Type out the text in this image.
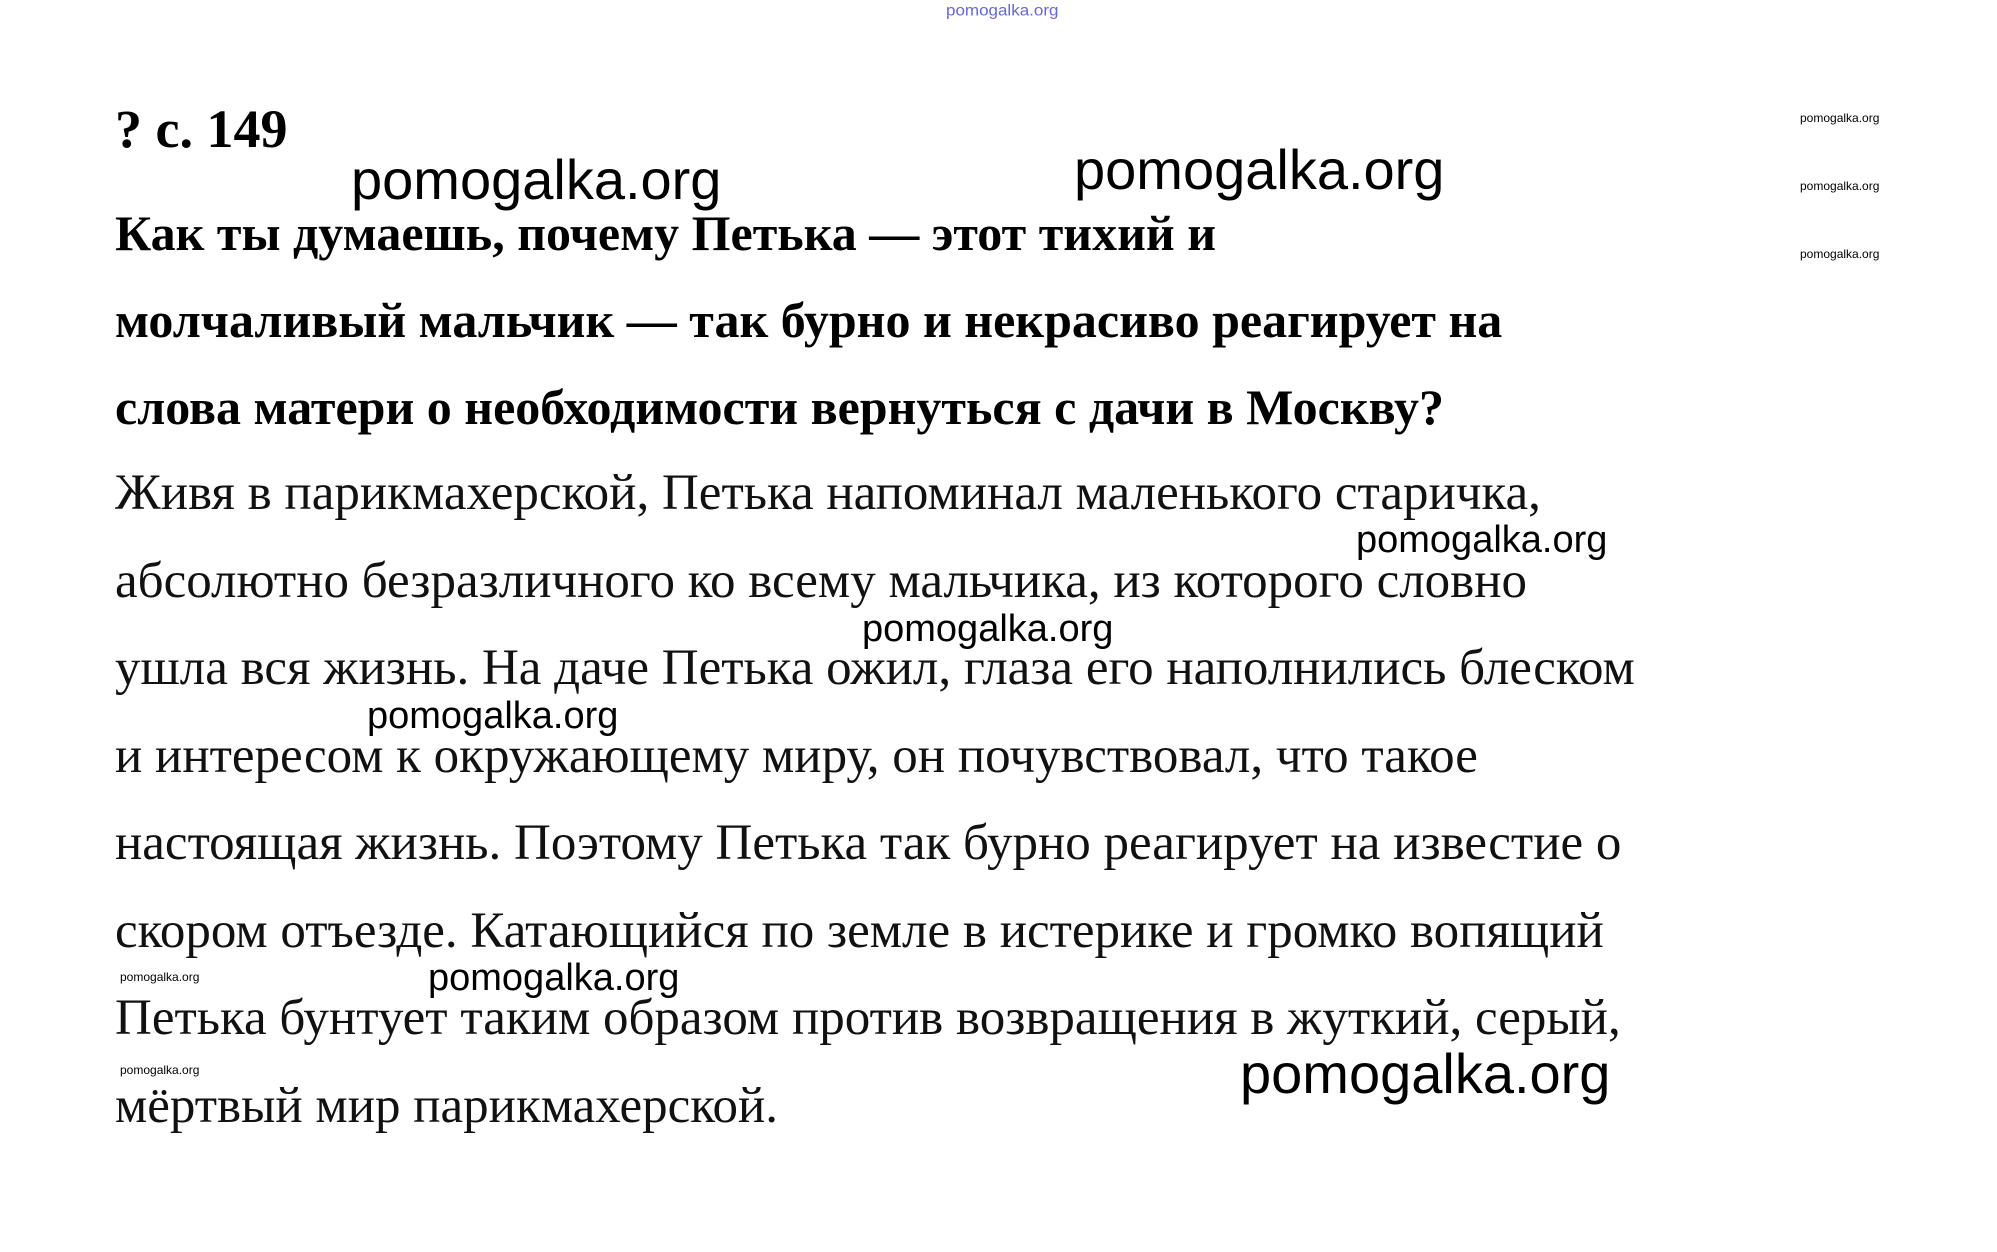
? с. 149

Как ты думаешь, почему Петька — этот тихий и
молчаливый мальчик — так бурно и некрасиво реагирует на
слова матери о необходимости вернуться с дачи в Москву?

Живя в парикмахерской, Петька напоминал маленького старичка,
абсолютно безразличного ко всему мальчика, из которого словно
ушла вся жизнь. На даче Петька ожил, глаза его наполнились блеском
и интересом к окружающему миру, он почувствовал, что такое
настоящая жизнь. Поэтому Петька так бурно реагирует на известие о
скором отъезде. Катающийся по земле в истерике и громко вопящий
Петька бунтует таким образом против возвращения в жуткий, серый,
мёртвый мир парикмахерской.

pomogalka.org
pomogalka.org	pomogalka.org
pomogalka.org
pomogalka.org
pomogalka.org
pomogalka.org
pomogalka.org
pomogalka.org
pomogalka.org
pomogalka.org
pomogalka.org
pomogalka.org
